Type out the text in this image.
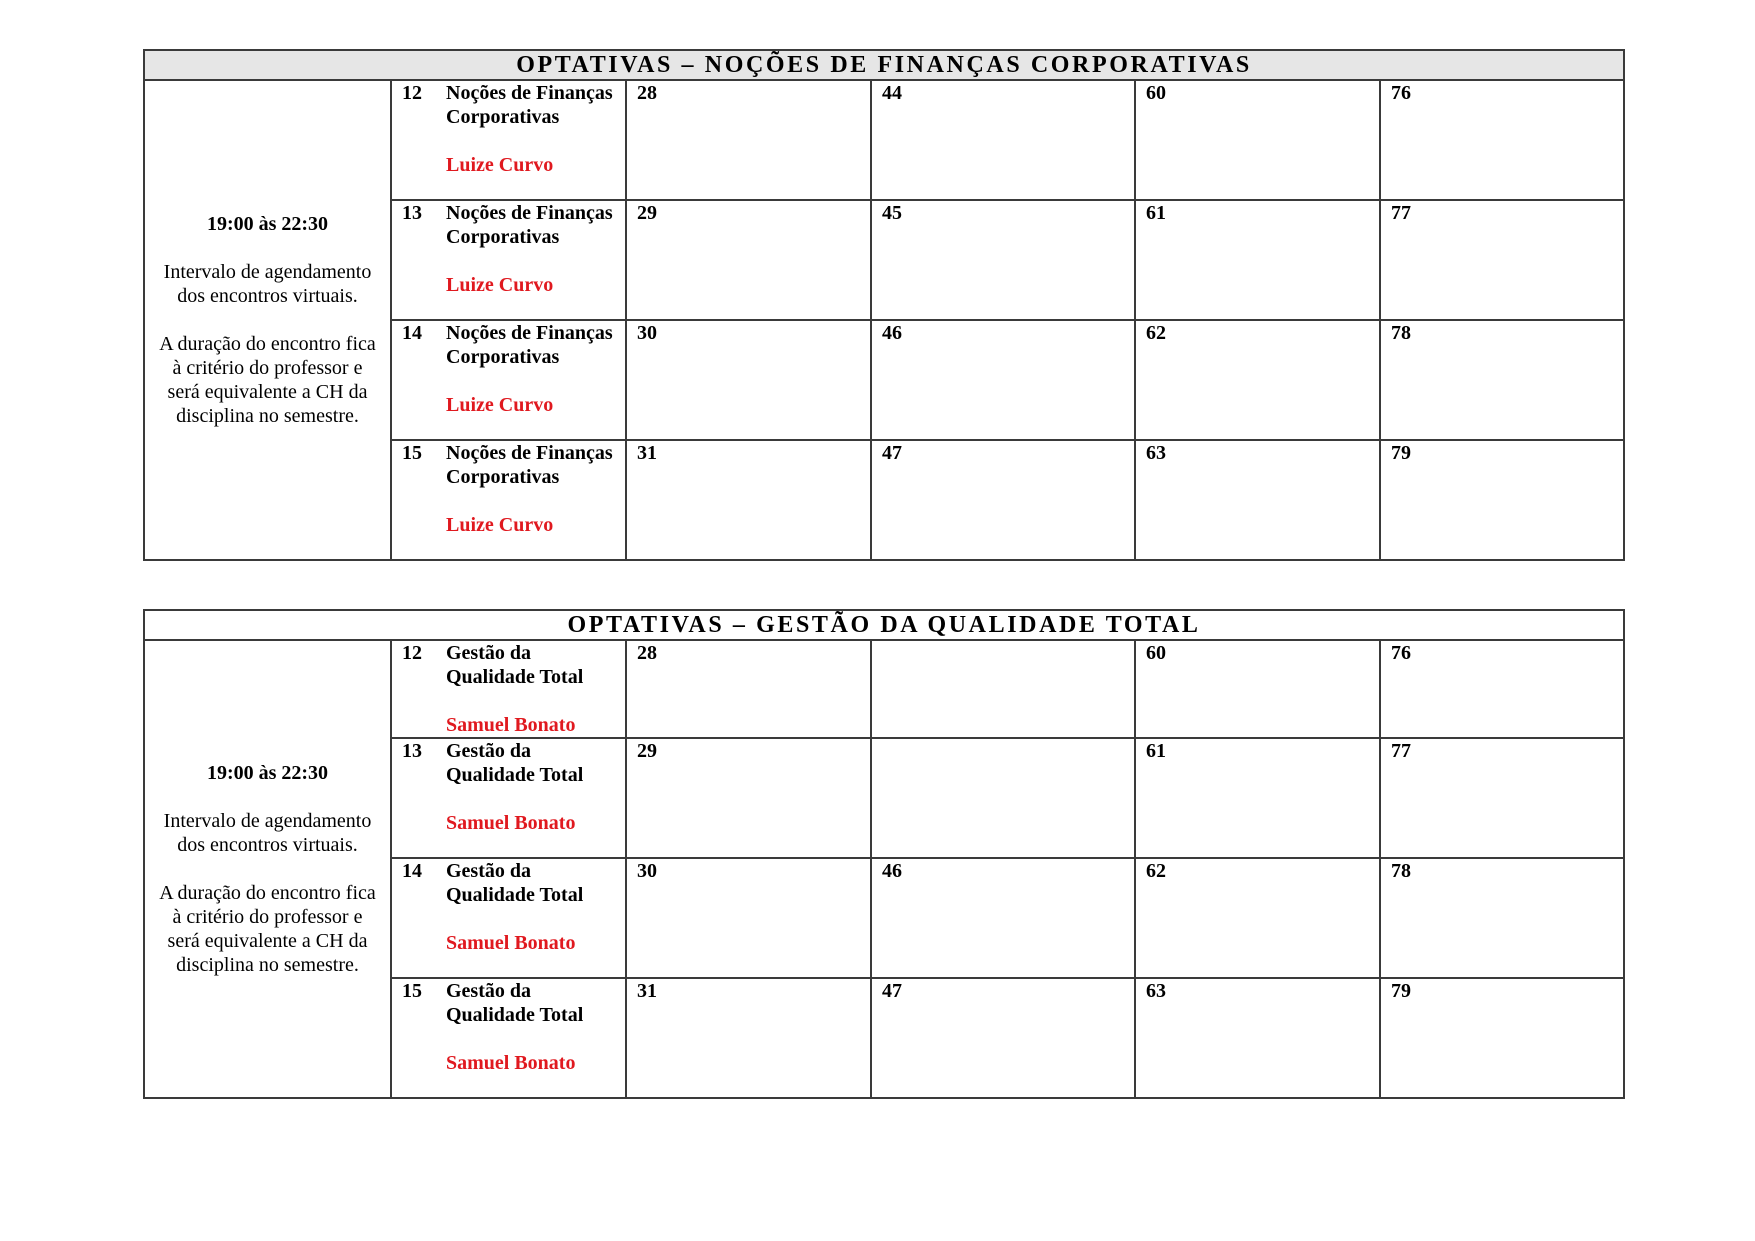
OPTATIVAS – NOÇÕES DE FINANÇAS CORPORATIVAS					

19:00 às 22:30
Intervalo de agendamento dos encontros virtuais.
A duração do encontro fica à critério do professor e será equivalente a CH da disciplina no semestre.	12 Noções de Finanças Corporativas
Luize Curvo	28	44	60	76

	13 Noções de Finanças Corporativas
Luize Curvo	29	45	61	77

	14 Noções de Finanças Corporativas
Luize Curvo	30	46	62	78

	15 Noções de Finanças Corporativas
Luize Curvo	31	47	63	79
OPTATIVAS – GESTÃO DA QUALIDADE TOTAL					

19:00 às 22:30
Intervalo de agendamento dos encontros virtuais.
A duração do encontro fica à critério do professor e será equivalente a CH da disciplina no semestre.	12 Gestão da Qualidade Total
Samuel Bonato	28		60	76

	13 Gestão da Qualidade Total
Samuel Bonato	29		61	77

	14 Gestão da Qualidade Total
Samuel Bonato	30	46	62	78

	15 Gestão da Qualidade Total
Samuel Bonato	31	47	63	79
